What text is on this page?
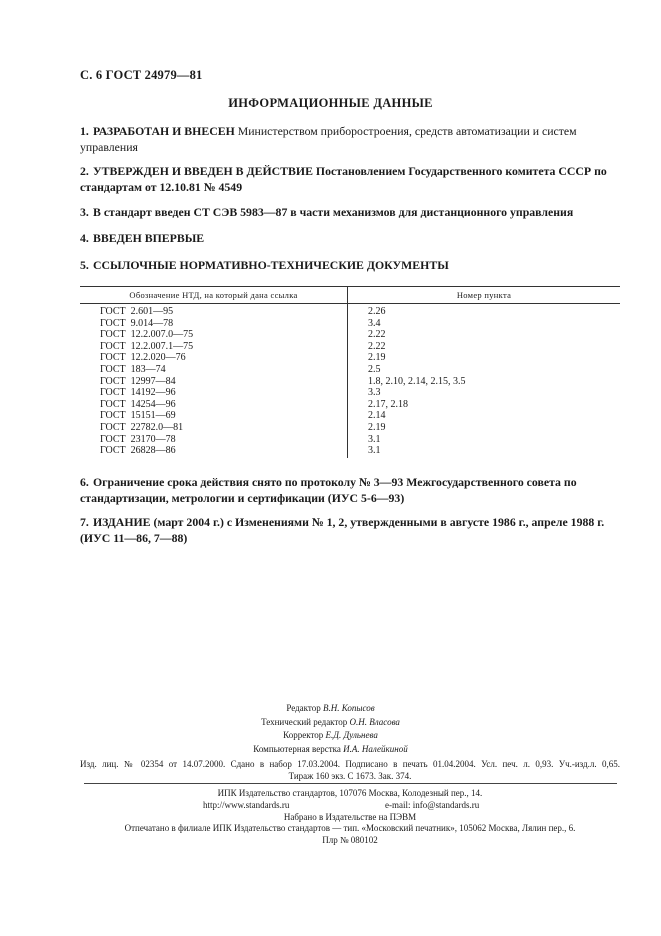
С. 6 ГОСТ 24979—81
ИНФОРМАЦИОННЫЕ ДАННЫЕ
1. РАЗРАБОТАН И ВНЕСЕН Министерством приборостроения, средств автоматизации и систем управления
2. УТВЕРЖДЕН И ВВЕДЕН В ДЕЙСТВИЕ Постановлением Государственного комитета СССР по стандартам от 12.10.81 № 4549
3. В стандарт введен СТ СЭВ 5983—87 в части механизмов для дистанционного управления
4. ВВЕДЕН ВПЕРВЫЕ
5. ССЫЛОЧНЫЕ НОРМАТИВНО-ТЕХНИЧЕСКИЕ ДОКУМЕНТЫ
Обозначение НТД, на который дана ссылка	Номер пункта
ГОСТ  2.601—95	2.26
ГОСТ  9.014—78	3.4
ГОСТ  12.2.007.0—75	2.22
ГОСТ  12.2.007.1—75	2.22
ГОСТ  12.2.020—76	2.19
ГОСТ  183—74	2.5
ГОСТ  12997—84	1.8, 2.10, 2.14, 2.15, 3.5
ГОСТ  14192—96	3.3
ГОСТ  14254—96	2.17, 2.18
ГОСТ  15151—69	2.14
ГОСТ  22782.0—81	2.19
ГОСТ  23170—78	3.1
ГОСТ  26828—86	3.1
6. Ограничение срока действия снято по протоколу № 3—93 Межгосударственного совета по стандартизации, метрологии и сертификации (ИУС 5-6—93)
7. ИЗДАНИЕ (март 2004 г.) с Изменениями № 1, 2, утвержденными в августе 1986 г., апреле 1988 г. (ИУС 11—86, 7—88)
Редактор В.Н. Копысов
Технический редактор О.Н. Власова
Корректор Е.Д. Дульнева
Компьютерная верстка И.А. Налейкиной
Изд. лиц. № 02354 от 14.07.2000. Сдано в набор 17.03.2004. Подписано в печать 01.04.2004. Усл. печ. л. 0,93. Уч.-изд.л. 0,65.
Тираж 160 экз. С 1673. Зак. 374.
ИПК Издательство стандартов, 107076 Москва, Колодезный пер., 14.
http://www.standards.ru	e-mail: info@standards.ru
Набрано в Издательстве на ПЭВМ
Отпечатано в филиале ИПК Издательство стандартов — тип. «Московский печатник», 105062 Москва, Лялин пер., 6.
Плр № 080102
